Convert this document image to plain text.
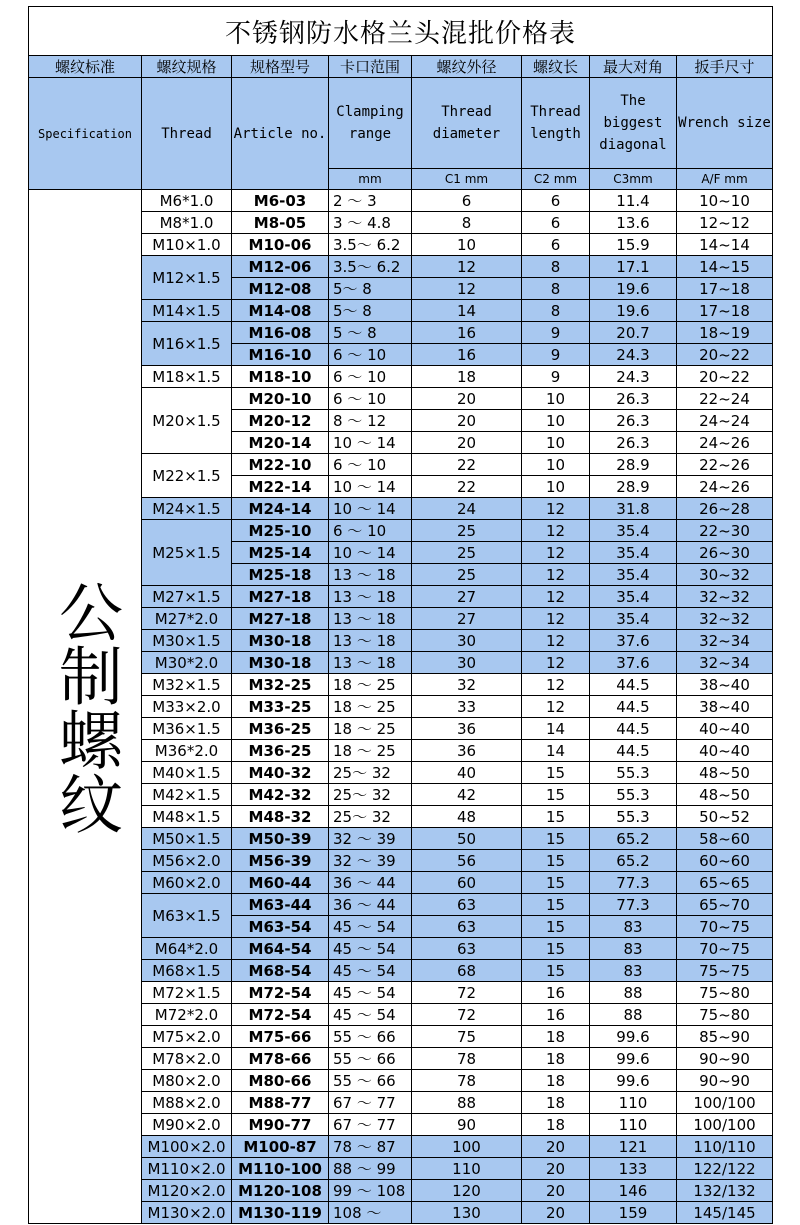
不锈钢防水格兰头混批价格表							
螺纹标准	螺纹规格	规格型号	卡口范围	螺纹外径	螺纹长	最大对角	扳手尺寸
Specification	Thread	Article no.	Clamping range	Thread diameter	Thread length	The biggest diagonal	Wrench size
			mm	C1 mm	C2 mm	C3mm	A/F mm
公制螺纹	M6*1.0	M6-03	2 ～ 3	6	6	11.4	10~10
	M8*1.0	M8-05	3 ～ 4.8	8	6	13.6	12~12
	M10×1.0	M10-06	3.5～ 6.2	10	6	15.9	14~14
	M12×1.5	M12-06	3.5～ 6.2	12	8	17.1	14~15
		M12-08	5～ 8	12	8	19.6	17~18
	M14×1.5	M14-08	5～ 8	14	8	19.6	17~18
	M16×1.5	M16-08	5 ～ 8	16	9	20.7	18~19
		M16-10	6 ～ 10	16	9	24.3	20~22
	M18×1.5	M18-10	6 ～ 10	18	9	24.3	20~22
	M20×1.5	M20-10	6 ～ 10	20	10	26.3	22~24
		M20-12	8 ～ 12	20	10	26.3	24~24
		M20-14	10 ～ 14	20	10	26.3	24~26
	M22×1.5	M22-10	6 ～ 10	22	10	28.9	22~26
		M22-14	10 ～ 14	22	10	28.9	24~26
	M24×1.5	M24-14	10 ～ 14	24	12	31.8	26~28
	M25×1.5	M25-10	6 ～ 10	25	12	35.4	22~30
		M25-14	10 ～ 14	25	12	35.4	26~30
		M25-18	13 ～ 18	25	12	35.4	30~32
	M27×1.5	M27-18	13 ～ 18	27	12	35.4	32~32
	M27*2.0	M27-18	13 ～ 18	27	12	35.4	32~32
	M30×1.5	M30-18	13 ～ 18	30	12	37.6	32~34
	M30*2.0	M30-18	13 ～ 18	30	12	37.6	32~34
	M32×1.5	M32-25	18 ～ 25	32	12	44.5	38~40
	M33×2.0	M33-25	18 ～ 25	33	12	44.5	38~40
	M36×1.5	M36-25	18 ～ 25	36	14	44.5	40~40
	M36*2.0	M36-25	18 ～ 25	36	14	44.5	40~40
	M40×1.5	M40-32	25～ 32	40	15	55.3	48~50
	M42×1.5	M42-32	25～ 32	42	15	55.3	48~50
	M48×1.5	M48-32	25～ 32	48	15	55.3	50~52
	M50×1.5	M50-39	32 ～ 39	50	15	65.2	58~60
	M56×2.0	M56-39	32 ～ 39	56	15	65.2	60~60
	M60×2.0	M60-44	36 ～ 44	60	15	77.3	65~65
	M63×1.5	M63-44	36 ～ 44	63	15	77.3	65~70
		M63-54	45 ～ 54	63	15	83	70~75
	M64*2.0	M64-54	45 ～ 54	63	15	83	70~75
	M68×1.5	M68-54	45 ～ 54	68	15	83	75~75
	M72×1.5	M72-54	45 ～ 54	72	16	88	75~80
	M72*2.0	M72-54	45 ～ 54	72	16	88	75~80
	M75×2.0	M75-66	55 ～ 66	75	18	99.6	85~90
	M78×2.0	M78-66	55 ～ 66	78	18	99.6	90~90
	M80×2.0	M80-66	55 ～ 66	78	18	99.6	90~90
	M88×2.0	M88-77	67 ～ 77	88	18	110	100/100
	M90×2.0	M90-77	67 ～ 77	90	18	110	100/100
	M100×2.0	M100-87	78 ～ 87	100	20	121	110/110
	M110×2.0	M110-100	88 ～ 99	110	20	133	122/122
	M120×2.0	M120-108	99 ～ 108	120	20	146	132/132
	M130×2.0	M130-119	108 ～	130	20	159	145/145
